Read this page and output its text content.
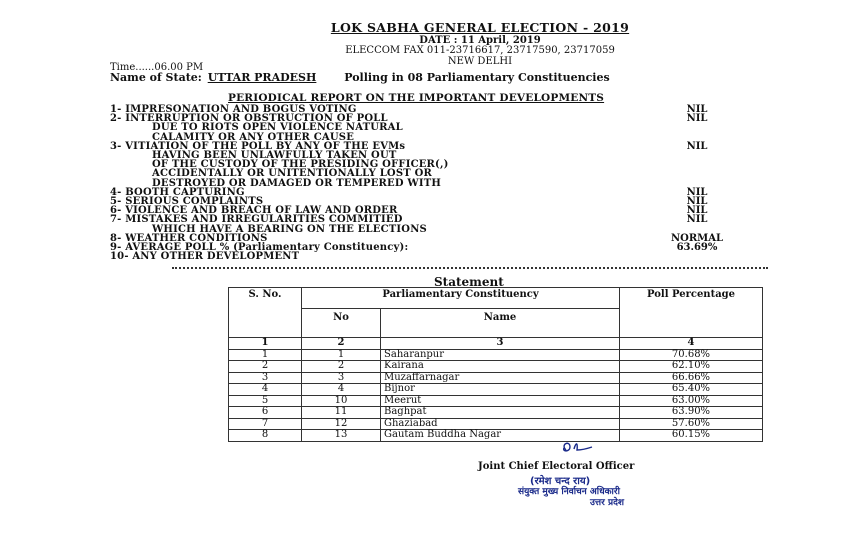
LOK SABHA GENERAL ELECTION - 2019
DATE : 11 April, 2019
ELECCOM FAX 011-23716617, 23717590, 23717059
NEW DELHI
Time......06.00 PM
Name of State: UTTAR PRADESH	Polling in 08 Parliamentary Constituencies
PERIODICAL REPORT ON THE IMPORTANT DEVELOPMENTS
1- IMPRESONATION AND BOGUS VOTING	NIL
2- INTERRUPTION OR OBSTRUCTION OF POLL	NIL
DUE TO RIOTS OPEN VIOLENCE NATURAL
CALAMITY OR ANY OTHER CAUSE
3- VITIATION OF THE POLL BY ANY OF THE EVMs	NIL
HAVING BEEN UNLAWFULLY TAKEN OUT
OF THE CUSTODY OF THE PRESIDING OFFICER(,)
ACCIDENTALLY OR UNITENTIONALLY LOST OR
DESTROYED OR DAMAGED OR TEMPERED WITH
4- BOOTH CAPTURING	NIL
5- SERIOUS COMPLAINTS	NIL
6- VIOLENCE AND BREACH OF LAW AND ORDER	NIL
7- MISTAKES AND IRREGULARITIES COMMITIED	NIL
WHICH HAVE A BEARING ON THE ELECTIONS
8- WEATHER CONDITIONS	NORMAL
9- AVERAGE POLL % (Parliamentary Constituency):	63.69%
10- ANY OTHER DEVELOPMENT
Statement
S. No.	Parliamentary Constituency		Poll Percentage
	No	Name	
1	2	3	4
1	1	Saharanpur	70.68%
2	2	Kairana	62.10%
3	3	Muzaffarnagar	66.66%
4	4	Bijnor	65.40%
5	10	Meerut	63.00%
6	11	Baghpat	63.90%
7	12	Ghaziabad	57.60%
8	13	Gautam Buddha Nagar	60.15%
Joint Chief Electoral Officer
(रमेश चन्द राय)
संयुक्त मुख्य निर्वाचन अधिकारी
उत्तर प्रदेश
